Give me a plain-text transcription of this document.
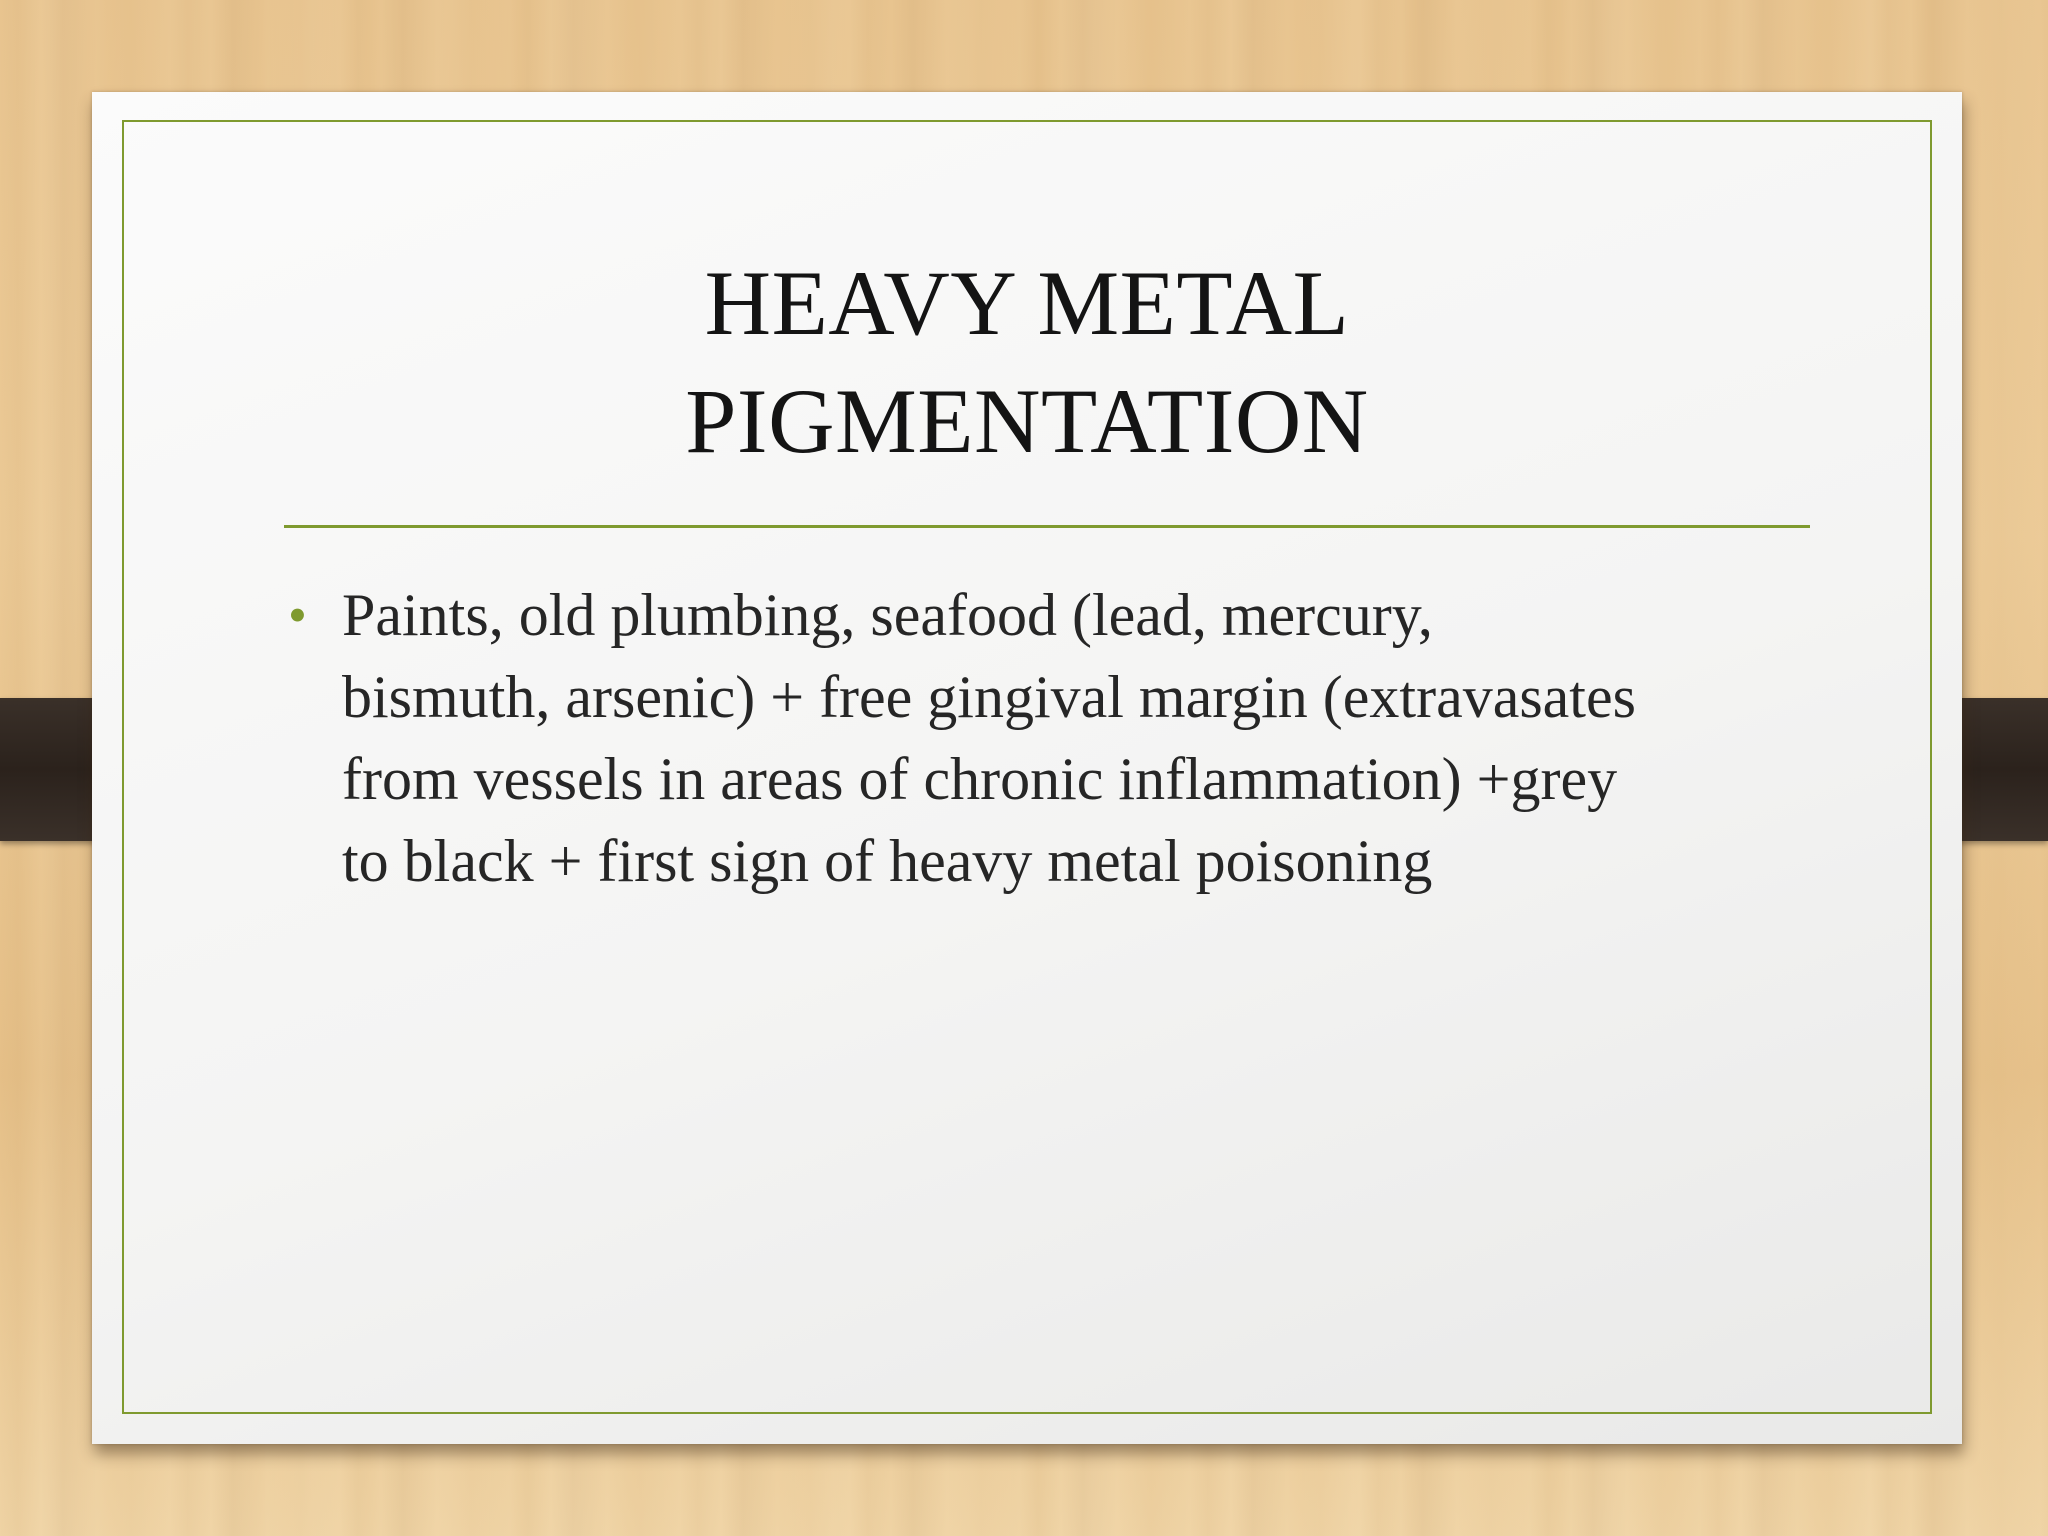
HEAVY METAL
PIGMENTATION
• Paints, old plumbing, seafood (lead, mercury,
bismuth, arsenic) + free gingival margin (extravasates
from vessels in areas of chronic inflammation) +grey
to black + first sign of heavy metal poisoning
